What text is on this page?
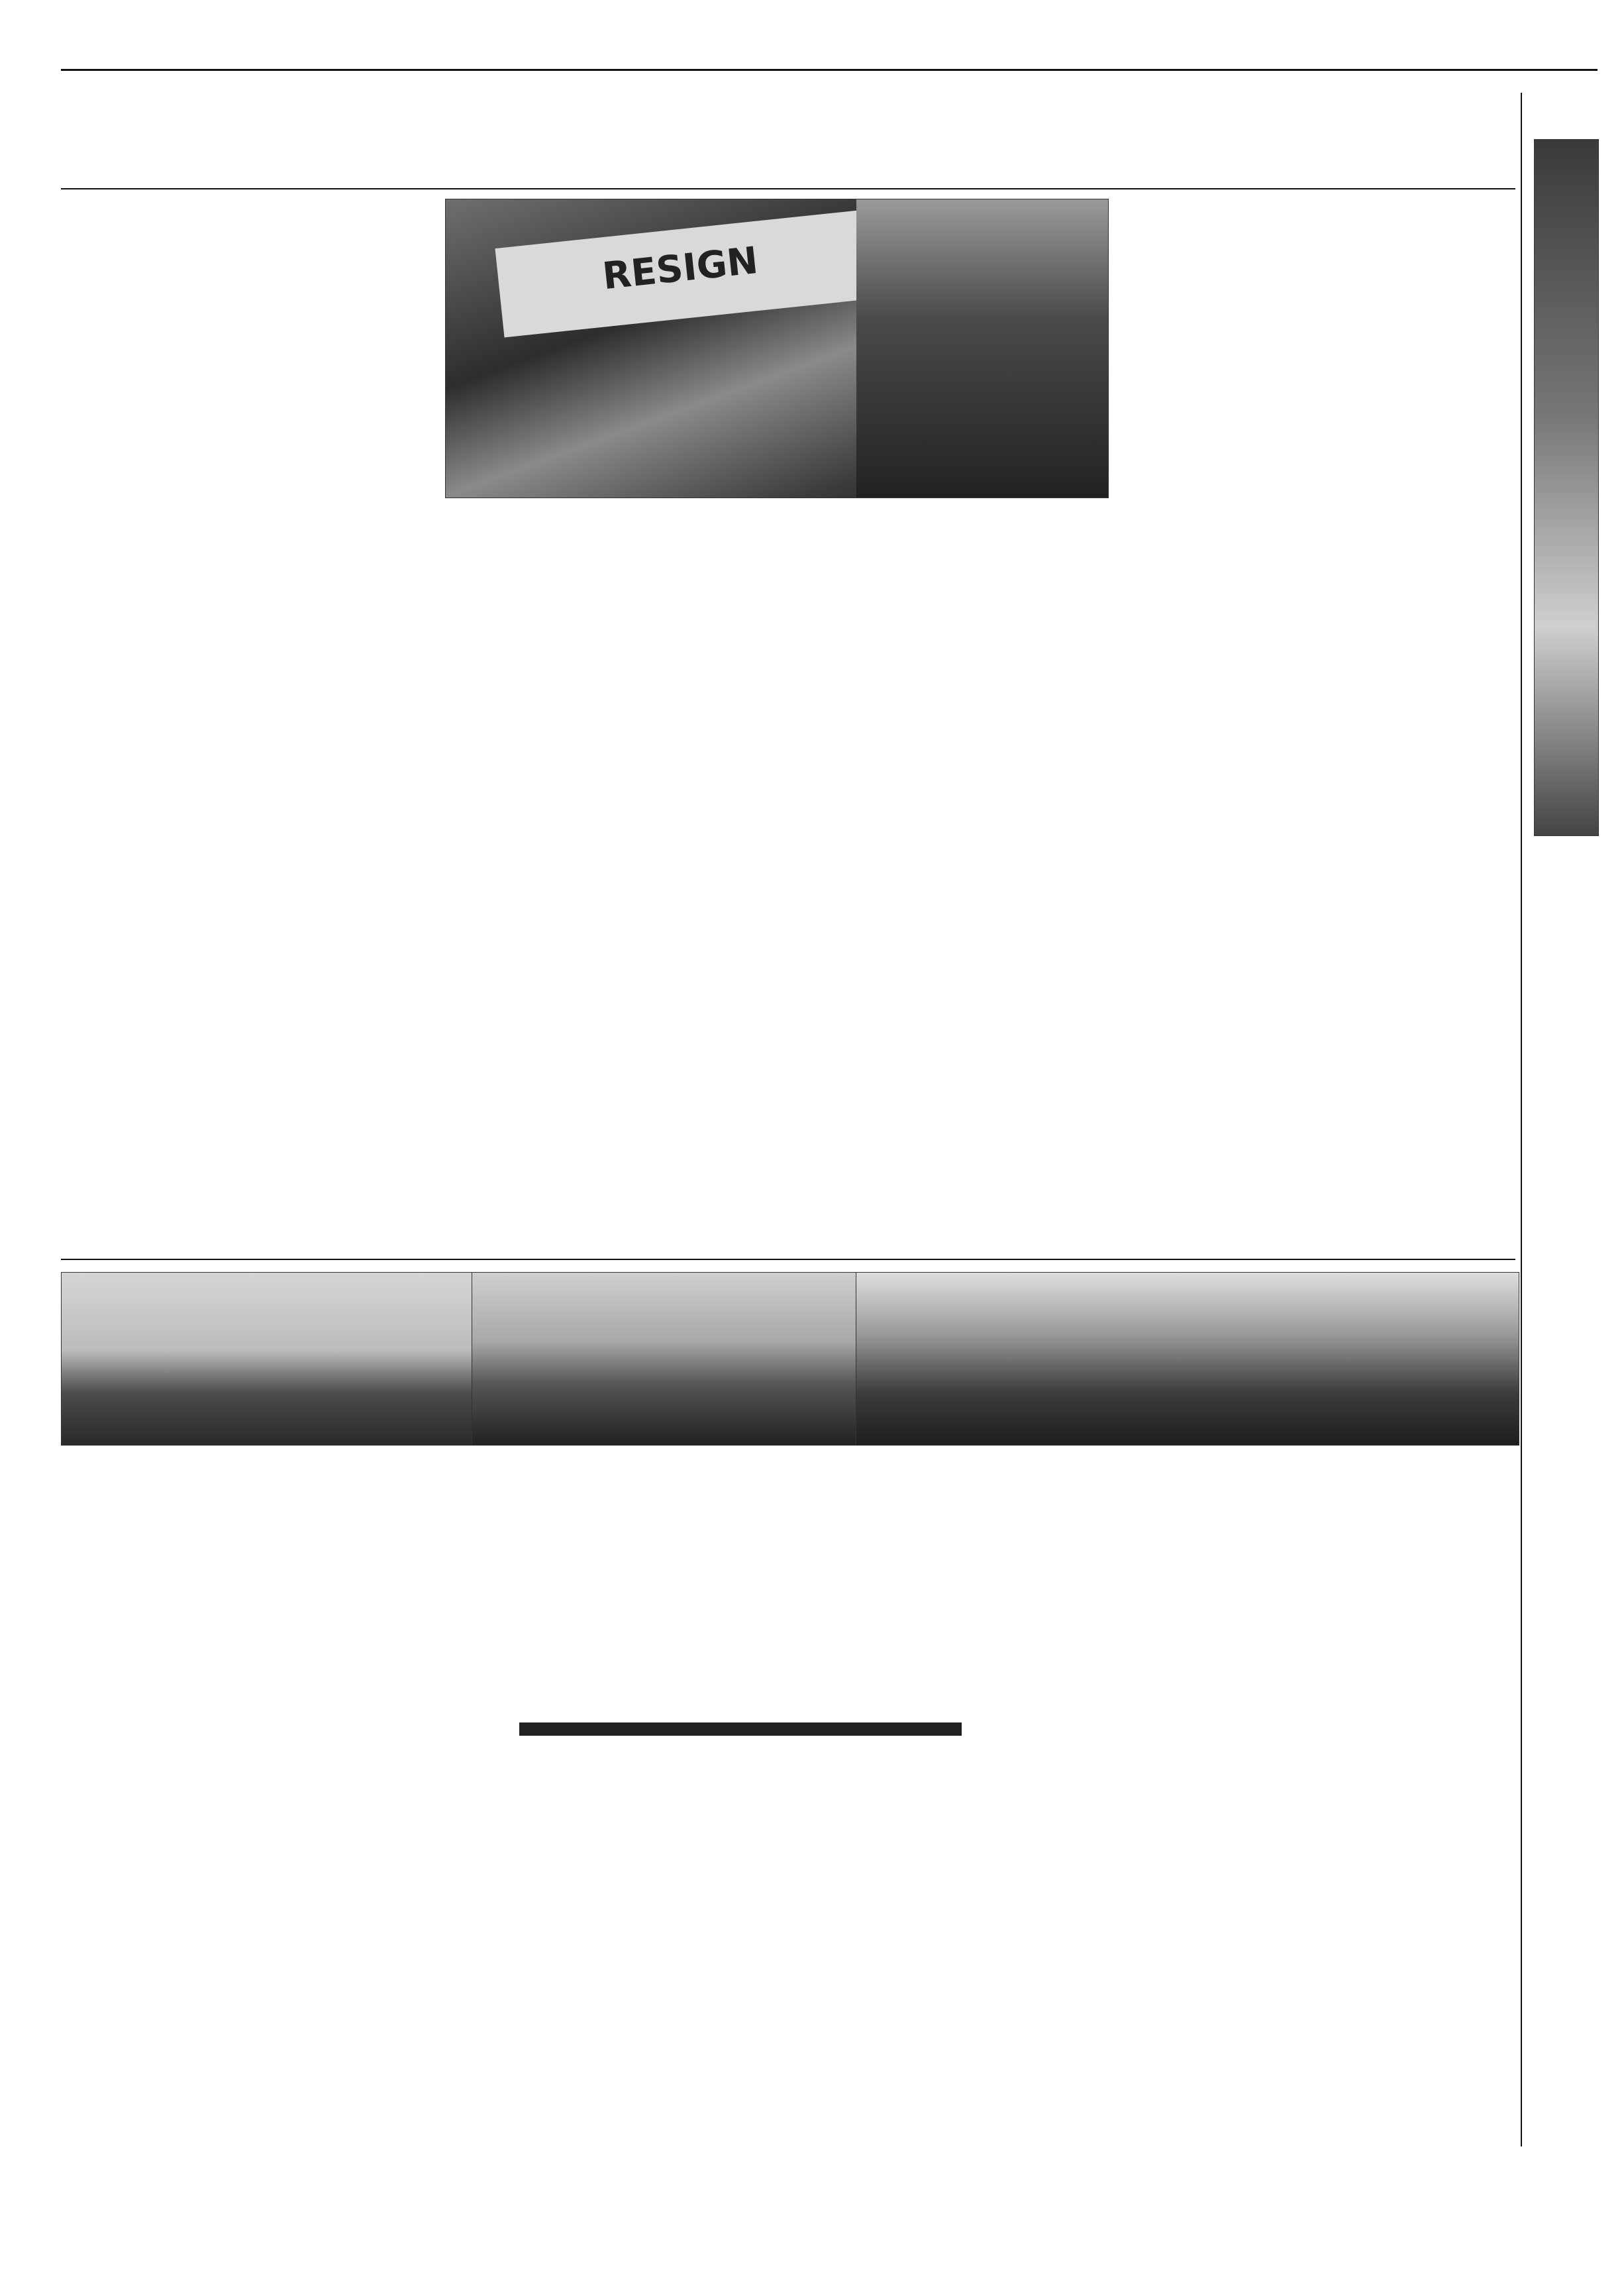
RESIGN
